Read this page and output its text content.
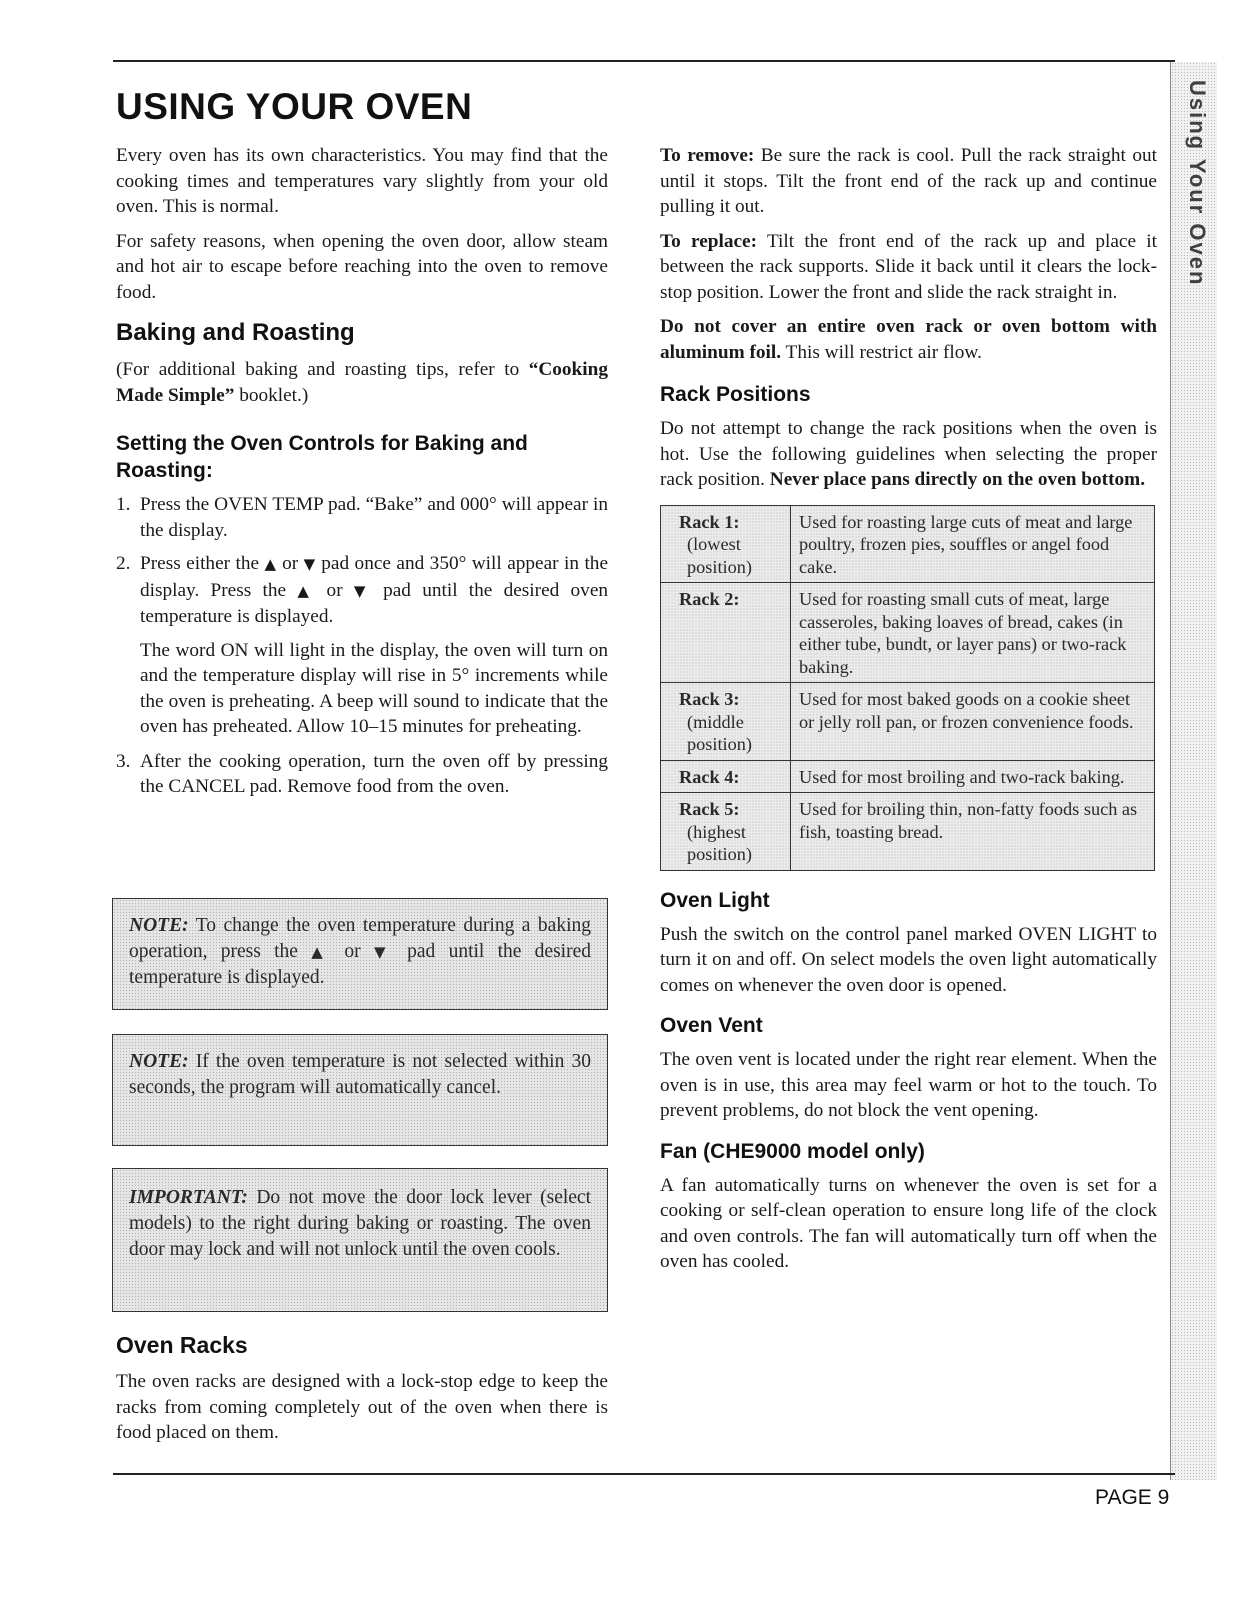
Using Your Oven
USING YOUR OVEN

Every oven has its own characteristics. You may find that the cooking times and temperatures vary slightly from your old oven. This is normal.

For safety reasons, when opening the oven door, allow steam and hot air to escape before reaching into the oven to remove food.

Baking and Roasting

(For additional baking and roasting tips, refer to “Cooking Made Simple” booklet.)

Setting the Oven Controls for Baking and Roasting:
1. Press the OVEN TEMP pad. “Bake” and 000° will appear in the display.
2. Press either the ▲ or ▼ pad once and 350° will appear in the display. Press the ▲ or ▼ pad until the desired oven temperature is displayed.

The word ON will light in the display, the oven will turn on and the temperature display will rise in 5° increments while the oven is preheating. A beep will sound to indicate that the oven has preheated. Allow 10–15 minutes for preheating.

3. After the cooking operation, turn the oven off by pressing the CANCEL pad. Remove food from the oven.
NOTE: To change the oven temperature during a baking operation, press the ▲ or ▼ pad until the desired temperature is displayed.
NOTE: If the oven temperature is not selected within 30 seconds, the program will automatically cancel.
IMPORTANT: Do not move the door lock lever (select models) to the right during baking or roasting. The oven door may lock and will not unlock until the oven cools.
Oven Racks

The oven racks are designed with a lock-stop edge to keep the racks from coming completely out of the oven when there is food placed on them.

To remove: Be sure the rack is cool. Pull the rack straight out until it stops. Tilt the front end of the rack up and continue pulling it out.

To replace: Tilt the front end of the rack up and place it between the rack supports. Slide it back until it clears the lock-stop position. Lower the front and slide the rack straight in.

Do not cover an entire oven rack or oven bottom with aluminum foil. This will restrict air flow.

Rack Positions

Do not attempt to change the rack positions when the oven is hot. Use the following guidelines when selecting the proper rack position. Never place pans directly on the oven bottom.

Rack 1:
(lowest position)	Used for roasting large cuts of meat and large poultry, frozen pies, souffles or angel food cake.

Rack 2:	Used for roasting small cuts of meat, large casseroles, baking loaves of bread, cakes (in either tube, bundt, or layer pans) or two-rack baking.

Rack 3:
(middle position)	Used for most baked goods on a cookie sheet or jelly roll pan, or frozen convenience foods.

Rack 4:	Used for most broiling and two-rack baking.

Rack 5:
(highest position)	Used for broiling thin, non-fatty foods such as fish, toasting bread.
Oven Light

Push the switch on the control panel marked OVEN LIGHT to turn it on and off. On select models the oven light automatically comes on whenever the oven door is opened.

Oven Vent

The oven vent is located under the right rear element. When the oven is in use, this area may feel warm or hot to the touch. To prevent problems, do not block the vent opening.

Fan (CHE9000 model only)

A fan automatically turns on whenever the oven is set for a cooking or self-clean operation to ensure long life of the clock and oven controls. The fan will automatically turn off when the oven has cooled.

PAGE 9
